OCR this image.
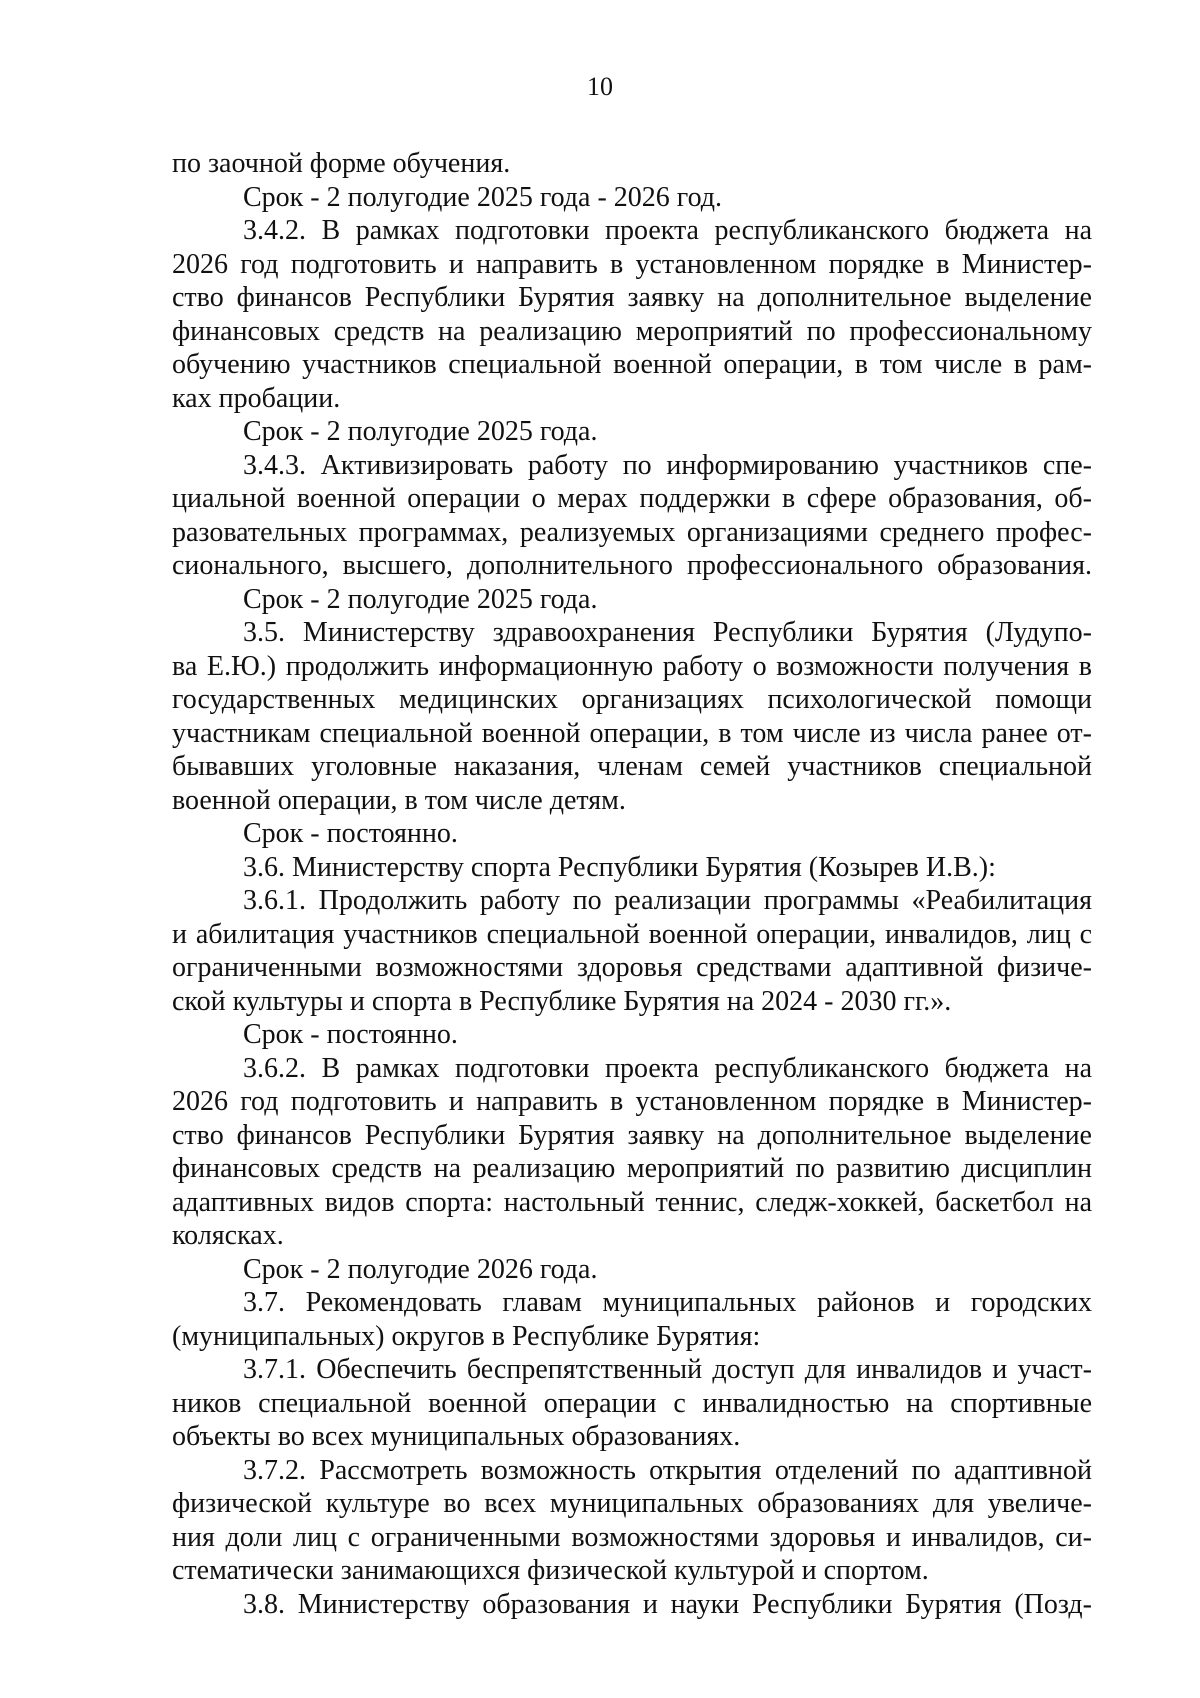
10
по заочной форме обучения.
Срок - 2 полугодие 2025 года - 2026 год.
3.4.2. В рамках подготовки проекта республиканского бюджета на
2026 год подготовить и направить в установленном порядке в Министер-
ство финансов Республики Бурятия заявку на дополнительное выделение
финансовых средств на реализацию мероприятий по профессиональному
обучению участников специальной военной операции, в том числе в рам-
ках пробации.
Срок - 2 полугодие 2025 года.
3.4.3. Активизировать работу по информированию участников спе-
циальной военной операции о мерах поддержки в сфере образования, об-
разовательных программах, реализуемых организациями среднего профес-
сионального, высшего, дополнительного профессионального образования.
Срок - 2 полугодие 2025 года.
3.5. Министерству здравоохранения Республики Бурятия (Лудупо-
ва Е.Ю.) продолжить информационную работу о возможности получения в
государственных медицинских организациях психологической помощи
участникам специальной военной операции, в том числе из числа ранее от-
бывавших уголовные наказания, членам семей участников специальной
военной операции, в том числе детям.
Срок - постоянно.
3.6. Министерству спорта Республики Бурятия (Козырев И.В.):
3.6.1. Продолжить работу по реализации программы «Реабилитация
и абилитация участников специальной военной операции, инвалидов, лиц с
ограниченными возможностями здоровья средствами адаптивной физиче-
ской культуры и спорта в Республике Бурятия на 2024 - 2030 гг.».
Срок - постоянно.
3.6.2. В рамках подготовки проекта республиканского бюджета на
2026 год подготовить и направить в установленном порядке в Министер-
ство финансов Республики Бурятия заявку на дополнительное выделение
финансовых средств на реализацию мероприятий по развитию дисциплин
адаптивных видов спорта: настольный теннис, следж-хоккей, баскетбол на
колясках.
Срок - 2 полугодие 2026 года.
3.7. Рекомендовать главам муниципальных районов и городских
(муниципальных) округов в Республике Бурятия:
3.7.1. Обеспечить беспрепятственный доступ для инвалидов и участ-
ников специальной военной операции с инвалидностью на спортивные
объекты во всех муниципальных образованиях.
3.7.2. Рассмотреть возможность открытия отделений по адаптивной
физической культуре во всех муниципальных образованиях для увеличе-
ния доли лиц с ограниченными возможностями здоровья и инвалидов, си-
стематически занимающихся физической культурой и спортом.
3.8. Министерству образования и науки Республики Бурятия (Позд-
